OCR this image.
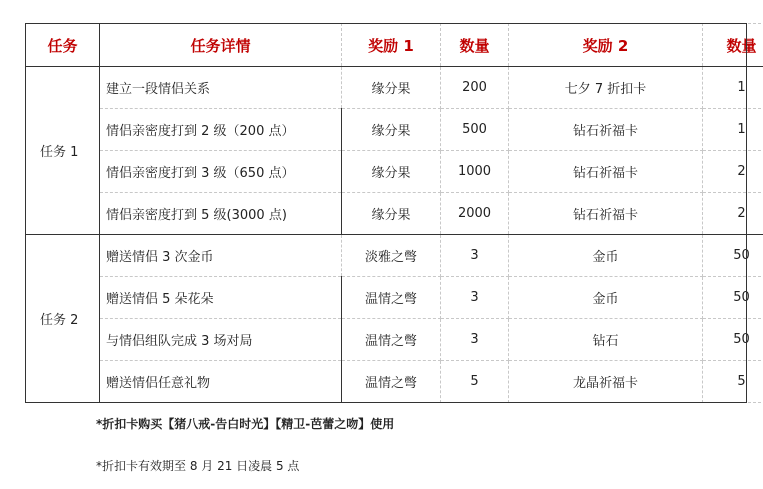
任务	任务详情	奖励 1	数量	奖励 2	数量
任务 1	建立一段情侣关系	缘分果	200	七夕 7 折扣卡	1
	情侣亲密度打到 2 级（200 点）	缘分果	500	钻石祈福卡	1
	情侣亲密度打到 3 级（650 点）	缘分果	1000	钻石祈福卡	2
	情侣亲密度打到 5 级(3000 点)	缘分果	2000	钻石祈福卡	2
任务 2	赠送情侣 3 次金币	淡雅之彆	3	金币	50
	赠送情侣 5 朵花朵	温情之彆	3	金币	50
	与情侣组队完成 3 场对局	温情之彆	3	钻石	50
	赠送情侣任意礼物	温情之彆	5	龙晶祈福卡	5
*折扣卡购买【猪八戒-告白时光】【精卫-芭蕾之吻】使用
*折扣卡有效期至 8 月 21 日凌晨 5 点
